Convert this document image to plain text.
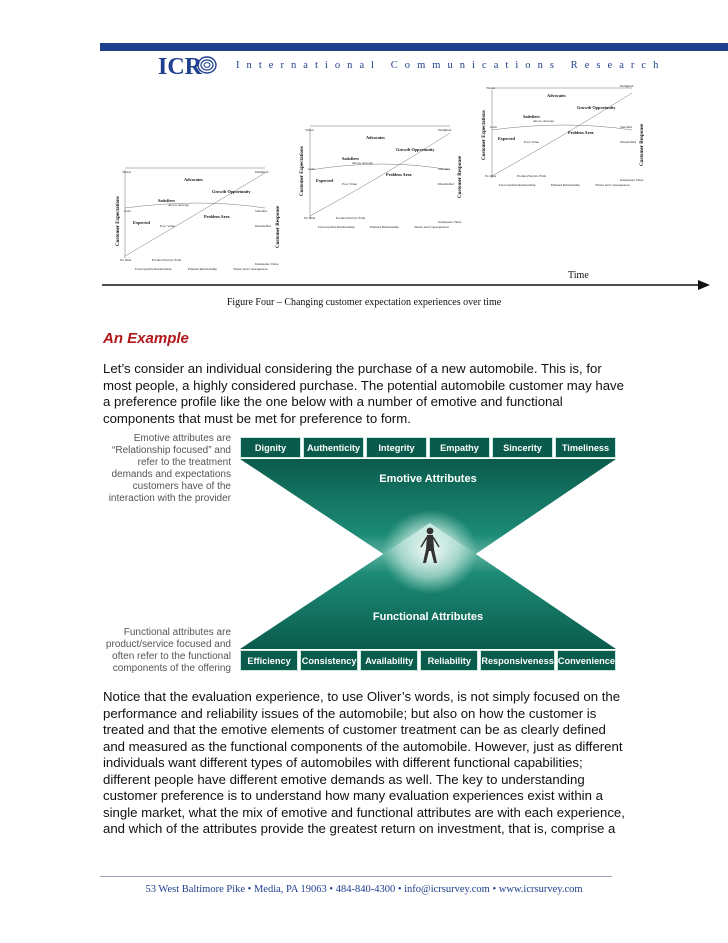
ICR	International Communications Research
Threat	Delighted
Advocates
Growth Opportunity
Satisfiers
Above Average
Gain	Satisfied
Problem Area
Expected
Poor Value	Dissatisfied
No Risk	Product/Service Fails
Unacceptable Relationship	Planned Relationship	Threat and Consequences
Inadequate Value
Customer Expectations	Customer Response
Threat	Delighted
Advocates
Growth Opportunity
Satisfiers
Above Average
Gain	Satisfied
Problem Area
Expected
Poor Value	Dissatisfied
No Risk	Product/Service Fails
Unacceptable Relationship	Planned Relationship	Threat and Consequences
Inadequate Value
Customer Expectations	Customer Response
Threat	Delighted
Advocates
Growth Opportunity
Satisfiers
Above Average
Gain	Satisfied
Problem Area
Expected
Poor Value	Dissatisfied
No Risk	Product/Service Fails
Unacceptable Relationship	Planned Relationship	Threat and Consequences
Inadequate Value
Customer Expectations	Customer Response
Time
Figure Four – Changing customer expectation experiences over time
An Example

Let’s consider an individual considering the purchase of a new automobile. This is, for most people, a highly considered purchase. The potential automobile customer may have a preference profile like the one below with a number of emotive and functional components that must be met for preference to form.

Emotive attributes are “Relationship focused” and refer to the treatment demands and expectations customers have of the interaction with the provider
Functional attributes are product/service focused and often refer to the functional components of the offering
Dignity	Authenticity	Integrity	Empathy	Sincerity	Timeliness
Emotive Attributes
Functional Attributes
Efficiency	Consistency Availability	Reliability	Responsiveness Convenience

Notice that the evaluation experience, to use Oliver’s words, is not simply focused on the performance and reliability issues of the automobile; but also on how the customer is treated and that the emotive elements of customer treatment can be as clearly defined and measured as the functional components of the automobile. However, just as different individuals want different types of automobiles with different functional capabilities; different people have different emotive demands as well. The key to understanding customer preference is to understand how many evaluation experiences exist within a single market, what the mix of emotive and functional attributes are with each experience, and which of the attributes provide the greatest return on investment, that is, comprise a

53 West Baltimore Pike • Media, PA 19063 • 484-840-4300 • info@icrsurvey.com • www.icrsurvey.com
